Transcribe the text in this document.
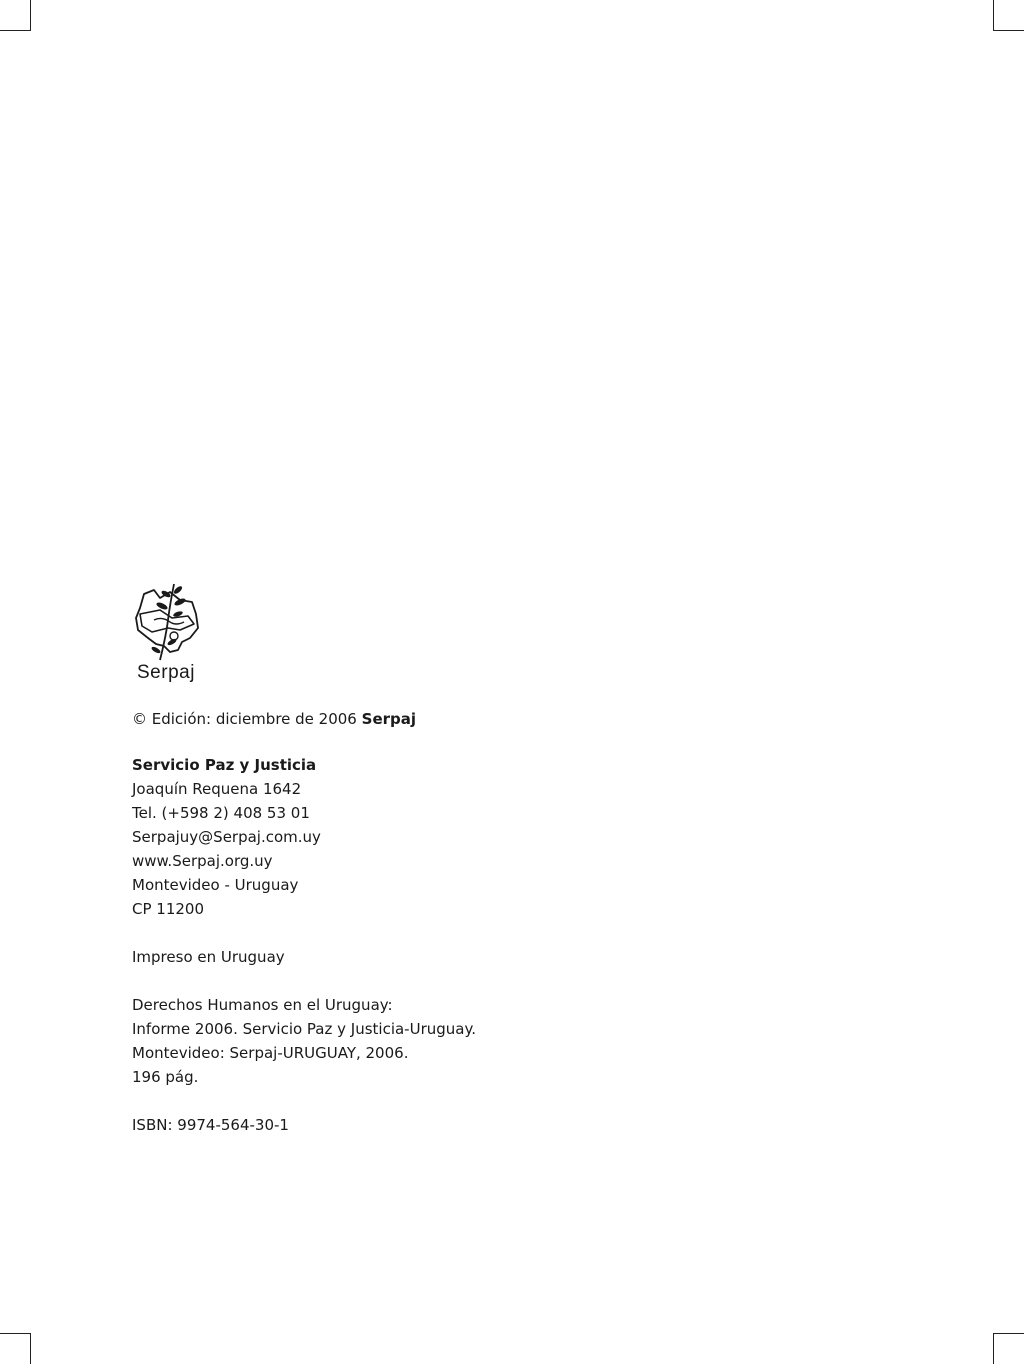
Serpaj
© Edición: diciembre de 2006 Serpaj
Servicio Paz y Justicia
Joaquín Requena 1642
Tel. (+598 2) 408 53 01
Serpajuy@Serpaj.com.uy
www.Serpaj.org.uy
Montevideo - Uruguay
CP 11200
Impreso en Uruguay
Derechos Humanos en el Uruguay:
Informe 2006. Servicio Paz y Justicia-Uruguay.
Montevideo: Serpaj-URUGUAY, 2006.
196 pág.
ISBN: 9974-564-30-1
